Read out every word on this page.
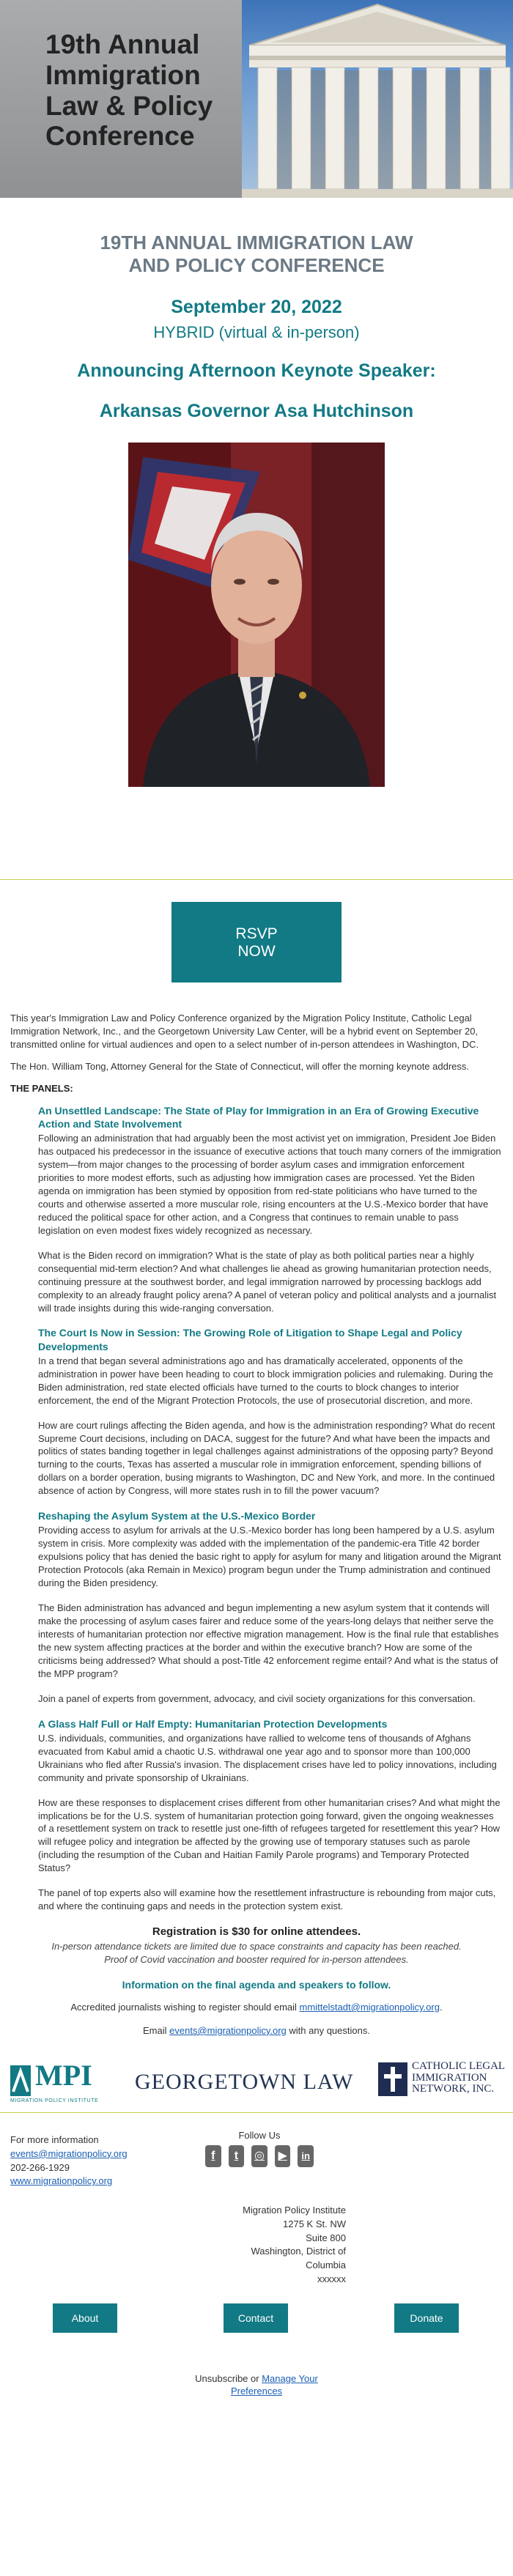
19th Annual
Immigration
Law & Policy
Conference
19TH ANNUAL IMMIGRATION LAW
AND POLICY CONFERENCE
September 20, 2022
HYBRID (virtual & in-person)
Announcing Afternoon Keynote Speaker:
Arkansas Governor Asa Hutchinson
RSVP
NOW

This year's Immigration Law and Policy Conference organized by the Migration Policy Institute, Catholic Legal Immigration Network, Inc., and the Georgetown University Law Center, will be a hybrid event on September 20, transmitted online for virtual audiences and open to a select number of in-person attendees in Washington, DC.

The Hon. William Tong, Attorney General for the State of Connecticut, will offer the morning keynote address.

THE PANELS:
An Unsettled Landscape: The State of Play for Immigration in an Era of Growing Executive Action and State Involvement

Following an administration that had arguably been the most activist yet on immigration, President Joe Biden has outpaced his predecessor in the issuance of executive actions that touch many corners of the immigration system—from major changes to the processing of border asylum cases and immigration enforcement priorities to more modest efforts, such as adjusting how immigration cases are processed. Yet the Biden agenda on immigration has been stymied by opposition from red-state politicians who have turned to the courts and otherwise asserted a more muscular role, rising encounters at the U.S.-Mexico border that have reduced the political space for other action, and a Congress that continues to remain unable to pass legislation on even modest fixes widely recognized as necessary.

What is the Biden record on immigration? What is the state of play as both political parties near a highly consequential mid-term election? And what challenges lie ahead as growing humanitarian protection needs, continuing pressure at the southwest border, and legal immigration narrowed by processing backlogs add complexity to an already fraught policy arena? A panel of veteran policy and political analysts and a journalist will trade insights during this wide-ranging conversation.

The Court Is Now in Session: The Growing Role of Litigation to Shape Legal and Policy Developments

In a trend that began several administrations ago and has dramatically accelerated, opponents of the administration in power have been heading to court to block immigration policies and rulemaking. During the Biden administration, red state elected officials have turned to the courts to block changes to interior enforcement, the end of the Migrant Protection Protocols, the use of prosecutorial discretion, and more.

How are court rulings affecting the Biden agenda, and how is the administration responding? What do recent Supreme Court decisions, including on DACA, suggest for the future? And what have been the impacts and politics of states banding together in legal challenges against administrations of the opposing party? Beyond turning to the courts, Texas has asserted a muscular role in immigration enforcement, spending billions of dollars on a border operation, busing migrants to Washington, DC and New York, and more. In the continued absence of action by Congress, will more states rush in to fill the power vacuum?

Reshaping the Asylum System at the U.S.-Mexico Border

Providing access to asylum for arrivals at the U.S.-Mexico border has long been hampered by a U.S. asylum system in crisis. More complexity was added with the implementation of the pandemic-era Title 42 border expulsions policy that has denied the basic right to apply for asylum for many and litigation around the Migrant Protection Protocols (aka Remain in Mexico) program begun under the Trump administration and continued during the Biden presidency.

The Biden administration has advanced and begun implementing a new asylum system that it contends will make the processing of asylum cases fairer and reduce some of the years-long delays that neither serve the interests of humanitarian protection nor effective migration management. How is the final rule that establishes the new system affecting practices at the border and within the executive branch? How are some of the criticisms being addressed? What should a post-Title 42 enforcement regime entail? And what is the status of the MPP program?

Join a panel of experts from government, advocacy, and civil society organizations for this conversation.

A Glass Half Full or Half Empty: Humanitarian Protection Developments

U.S. individuals, communities, and organizations have rallied to welcome tens of thousands of Afghans evacuated from Kabul amid a chaotic U.S. withdrawal one year ago and to sponsor more than 100,000 Ukrainians who fled after Russia's invasion. The displacement crises have led to policy innovations, including community and private sponsorship of Ukrainians.

How are these responses to displacement crises different from other humanitarian crises? And what might the implications be for the U.S. system of humanitarian protection going forward, given the ongoing weaknesses of a resettlement system on track to resettle just one-fifth of refugees targeted for resettlement this year? How will refugee policy and integration be affected by the growing use of temporary statuses such as parole (including the resumption of the Cuban and Haitian Family Parole programs) and Temporary Protected Status?

The panel of top experts also will examine how the resettlement infrastructure is rebounding from major cuts, and where the continuing gaps and needs in the protection system exist.

Registration is $30 for online attendees.
In-person attendance tickets are limited due to space constraints and capacity has been reached.
Proof of Covid vaccination and booster required for in-person attendees.
Information on the final agenda and speakers to follow.
Accredited journalists wishing to register should email mmittelstadt@migrationpolicy.org.
Email events@migrationpolicy.org with any questions.
MPI
MIGRATION POLICY INSTITUTE
GEORGETOWN LAW
CATHOLIC LEGAL
IMMIGRATION
NETWORK, INC.
For more information
events@migrationpolicy.org
202-266-1929
www.migrationpolicy.org
Follow Us
f	t	◎ ▶	in
Migration Policy Institute
1275 K St. NW
Suite 800
Washington, District of
Columbia
xxxxxx
About	Contact	Donate
Unsubscribe or Manage Your
Preferences
